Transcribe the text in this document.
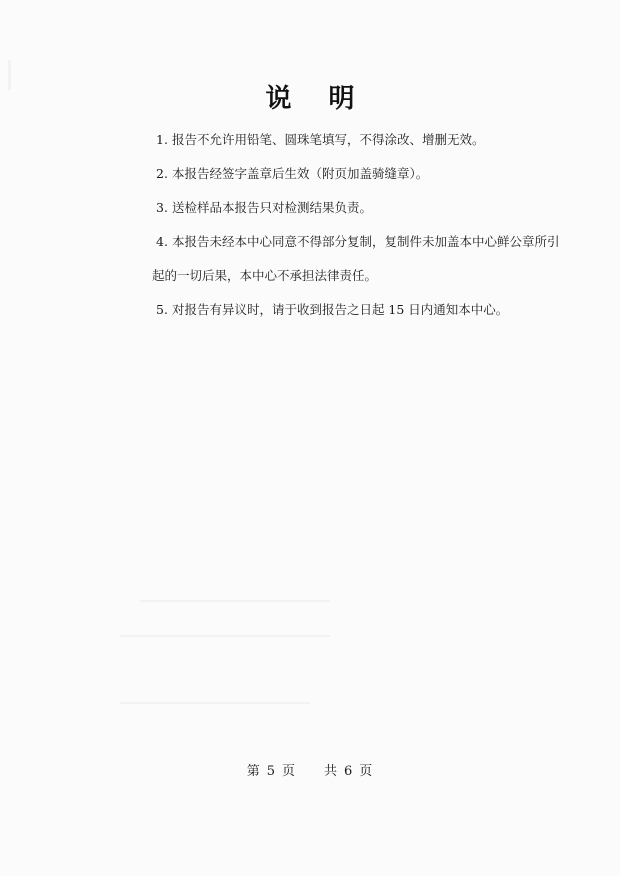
说 明
1. 报告不允许用铅笔、圆珠笔填写，不得涂改、增删无效。
2. 本报告经签字盖章后生效（附页加盖骑缝章）。
3. 送检样品本报告只对检测结果负责。
4. 本报告未经本中心同意不得部分复制，复制件未加盖本中心鲜公章所引
起的一切后果，本中心不承担法律责任。
5. 对报告有异议时，请于收到报告之日起 15 日内通知本中心。
第 5 页 共 6 页
